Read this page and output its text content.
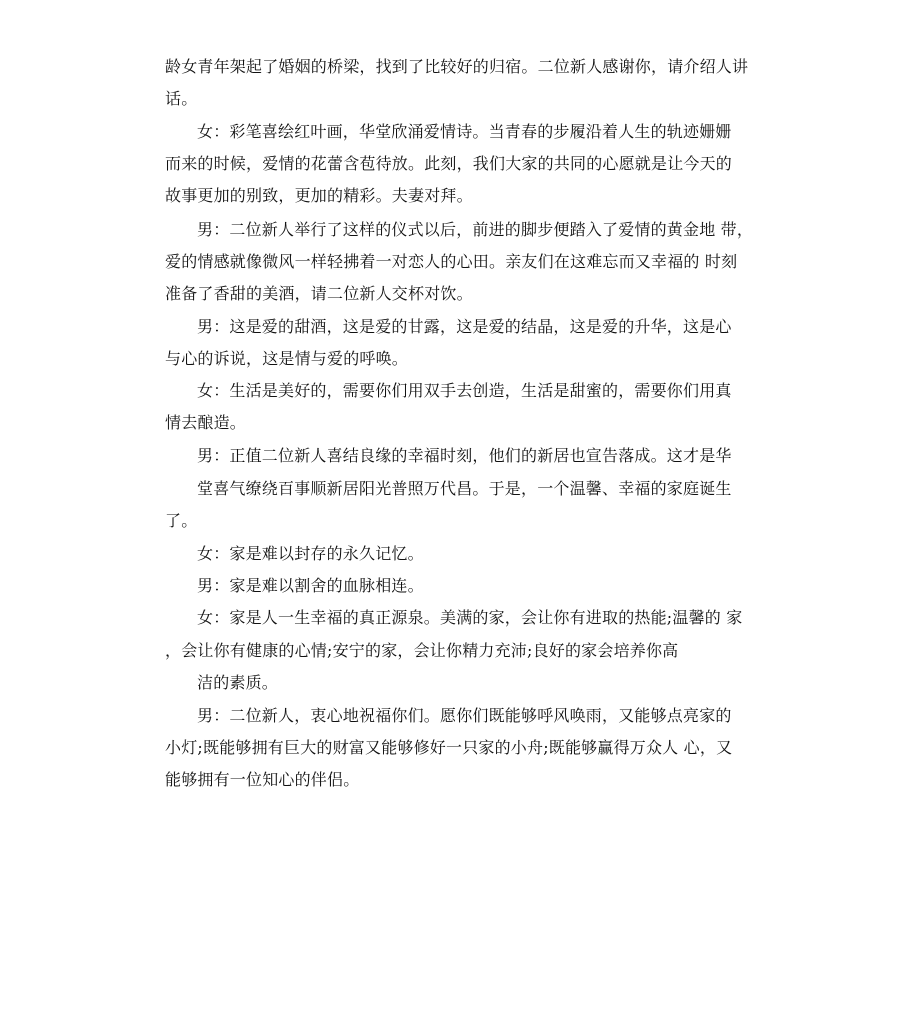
龄女青年架起了婚姻的桥梁，找到了比较好的归宿。二位新人感谢你，请介绍人讲
话。
女：彩笔喜绘红叶画，华堂欣涌爱情诗。当青春的步履沿着人生的轨迹姗姗
而来的时候，爱情的花蕾含苞待放。此刻，我们大家的共同的心愿就是让今天的
故事更加的别致，更加的精彩。夫妻对拜。
男：二位新人举行了这样的仪式以后，前进的脚步便踏入了爱情的黄金地 带，
爱的情感就像微风一样轻拂着一对恋人的心田。亲友们在这难忘而又幸福的 时刻
准备了香甜的美酒，请二位新人交杯对饮。
男：这是爱的甜酒，这是爱的甘露，这是爱的结晶，这是爱的升华，这是心
与心的诉说，这是情与爱的呼唤。
女：生活是美好的，需要你们用双手去创造，生活是甜蜜的，需要你们用真
情去酿造。
男：正值二位新人喜结良缘的幸福时刻，他们的新居也宣告落成。这才是华
堂喜气缭绕百事顺新居阳光普照万代昌。于是，一个温馨、幸福的家庭诞生
了。
女：家是难以封存的永久记忆。
男：家是难以割舍的血脉相连。
女：家是人一生幸福的真正源泉。美满的家，会让你有进取的热能;温馨的 家
，会让你有健康的心情;安宁的家，会让你精力充沛;良好的家会培养你高
洁的素质。
男：二位新人，衷心地祝福你们。愿你们既能够呼风唤雨，又能够点亮家的
小灯;既能够拥有巨大的财富又能够修好一只家的小舟;既能够赢得万众人 心，又
能够拥有一位知心的伴侣。
